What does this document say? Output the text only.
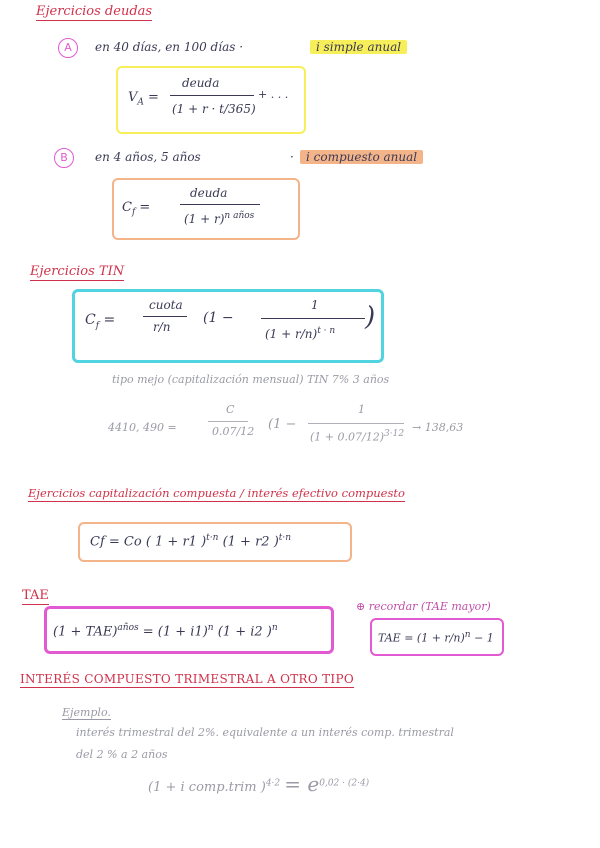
Ejercicios deudas
A	en 40 días, en 100 días ·	i simple anual
$V_A$ =
deuda
(1 + r · t/365)
+ . . .
B	en 4 años, 5 años	·	i compuesto anual
$C_f$ =
deuda
$(1 + r)^{n años}$
Ejercicios TIN
$C_f$ =
cuota
r/n
(1 −
1
$(1 + r/n)^{t \cdot n}$ )
tipo mejo (capitalización mensual) TIN 7% 3 años
4410, 490 =
C
0.07/12 (1 −
1
$(1 + 0.07/12)^{3\cdot 12} \to 138,63$
Ejercicios capitalización compuesta / interés efectivo compuesto
Cf = Co ( 1 + r1 )$^{t\cdot n}$ (1 + r2 )$^{t\cdot n}$
TAE
$(1 + TAE)^{años} = (1 + i1)^n$ (1 + i2 )$^n$
⊕ recordar (TAE mayor)
TAE = $(1 + r/n)^n - 1$
INTERÉS COMPUESTO TRIMESTRAL A OTRO TIPO
Ejemplo.
interés trimestral del 2%. equivalente a un interés comp. trimestral
del 2 % a 2 años
(1 + i comp.trim )$^{4\cdot 2} = e^{0,02 \cdot (2\cdot 4)}$
